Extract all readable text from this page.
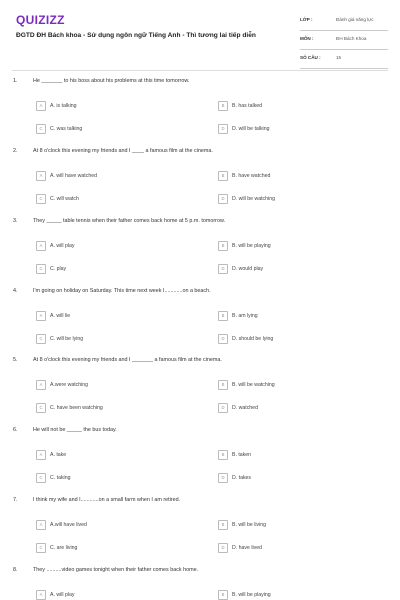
QUIZIZZ
ĐGTD ĐH Bách khoa - Sử dụng ngôn ngữ Tiếng Anh - Thì tương lai tiếp diễn
LỚP :	Đánh giá năng lực
MÔN :	ĐH Bách Khoa
SỐ CÂU :	15
1.	He _______ to his boss about his problems at this time tomorrow.
A	A. is talking	B	B. has talked
C	C. was talking	D	D. will be talking
2.	At 8 o'clock this evening my friends and I ____ a famous film at the cinema.
A	A. will have watched	B	B. have watched
C	C. will watch	D	D. will be watching
3.	They _____ table tennis when their father comes back home at 5 p.m. tomorrow.
A	A. will play	B	B. will be playing
C	C. play	D	D. would play
4.	I'm going on holiday on Saturday. This time next week I............on a beach.
A	A. will lie	B	B. am lying
C	C. will be lying	D	D. should be lying
5.	At 8 o'clock this evening my friends and I _______ a famous film at the cinema.
A	A.were watching	B	B. will be watching
C	C. have been watching	D	D. watched
6.	He will not be _____ the bus today.
A	A. take	B	B. taken
C	C. taking	D	D. takes
7.	I think my wife and I............on a small farm when I am retired.
A	A.will have lived	B	B. will be living
C	C. are living	D	D. have lived
8.	They ..........video games tonight when their father comes back home.
A	A. will play	B	B. will be playing
